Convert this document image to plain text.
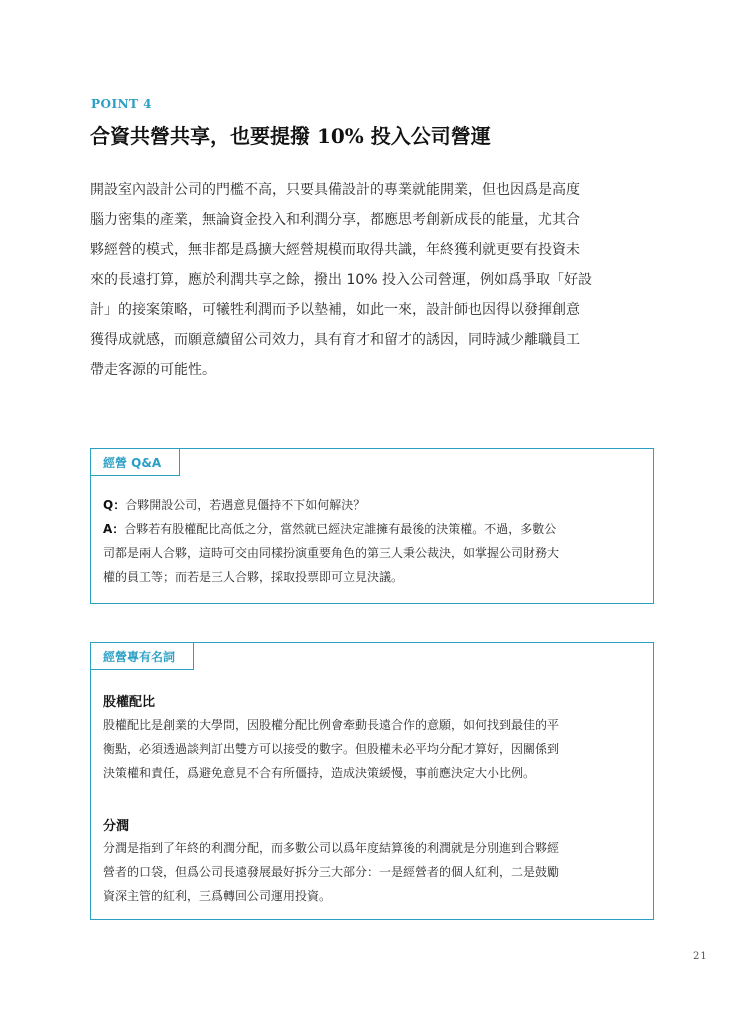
POINT 4
合資共營共享，也要提撥 10% 投入公司營運
開設室內設計公司的門檻不高，只要具備設計的專業就能開業，但也因爲是高度
腦力密集的產業，無論資金投入和利潤分享，都應思考創新成長的能量，尤其合
夥經營的模式，無非都是爲擴大經營規模而取得共識，年終獲利就更要有投資未
來的長遠打算，應於利潤共享之餘，撥出 10% 投入公司營運，例如爲爭取「好設
計」的接案策略，可犧牲利潤而予以墊補，如此一來，設計師也因得以發揮創意
獲得成就感，而願意續留公司效力，具有育才和留才的誘因，同時減少離職員工
帶走客源的可能性。
經營 Q&A
Q：合夥開設公司，若遇意見僵持不下如何解決？
A：合夥若有股權配比高低之分，當然就已經決定誰擁有最後的決策權。不過，多數公
司都是兩人合夥，這時可交由同樣扮演重要角色的第三人秉公裁決，如掌握公司財務大
權的員工等；而若是三人合夥，採取投票即可立見決議。
經營專有名詞
股權配比
股權配比是創業的大學問，因股權分配比例會牽動長遠合作的意願，如何找到最佳的平
衡點，必須透過談判訂出雙方可以接受的數字。但股權未必平均分配才算好，因關係到
決策權和責任，爲避免意見不合有所僵持，造成決策緩慢，事前應決定大小比例。
分潤
分潤是指到了年終的利潤分配，而多數公司以爲年度結算後的利潤就是分別進到合夥經
營者的口袋，但爲公司長遠發展最好拆分三大部分：一是經營者的個人紅利，二是鼓勵
資深主管的紅利，三爲轉回公司運用投資。
21
